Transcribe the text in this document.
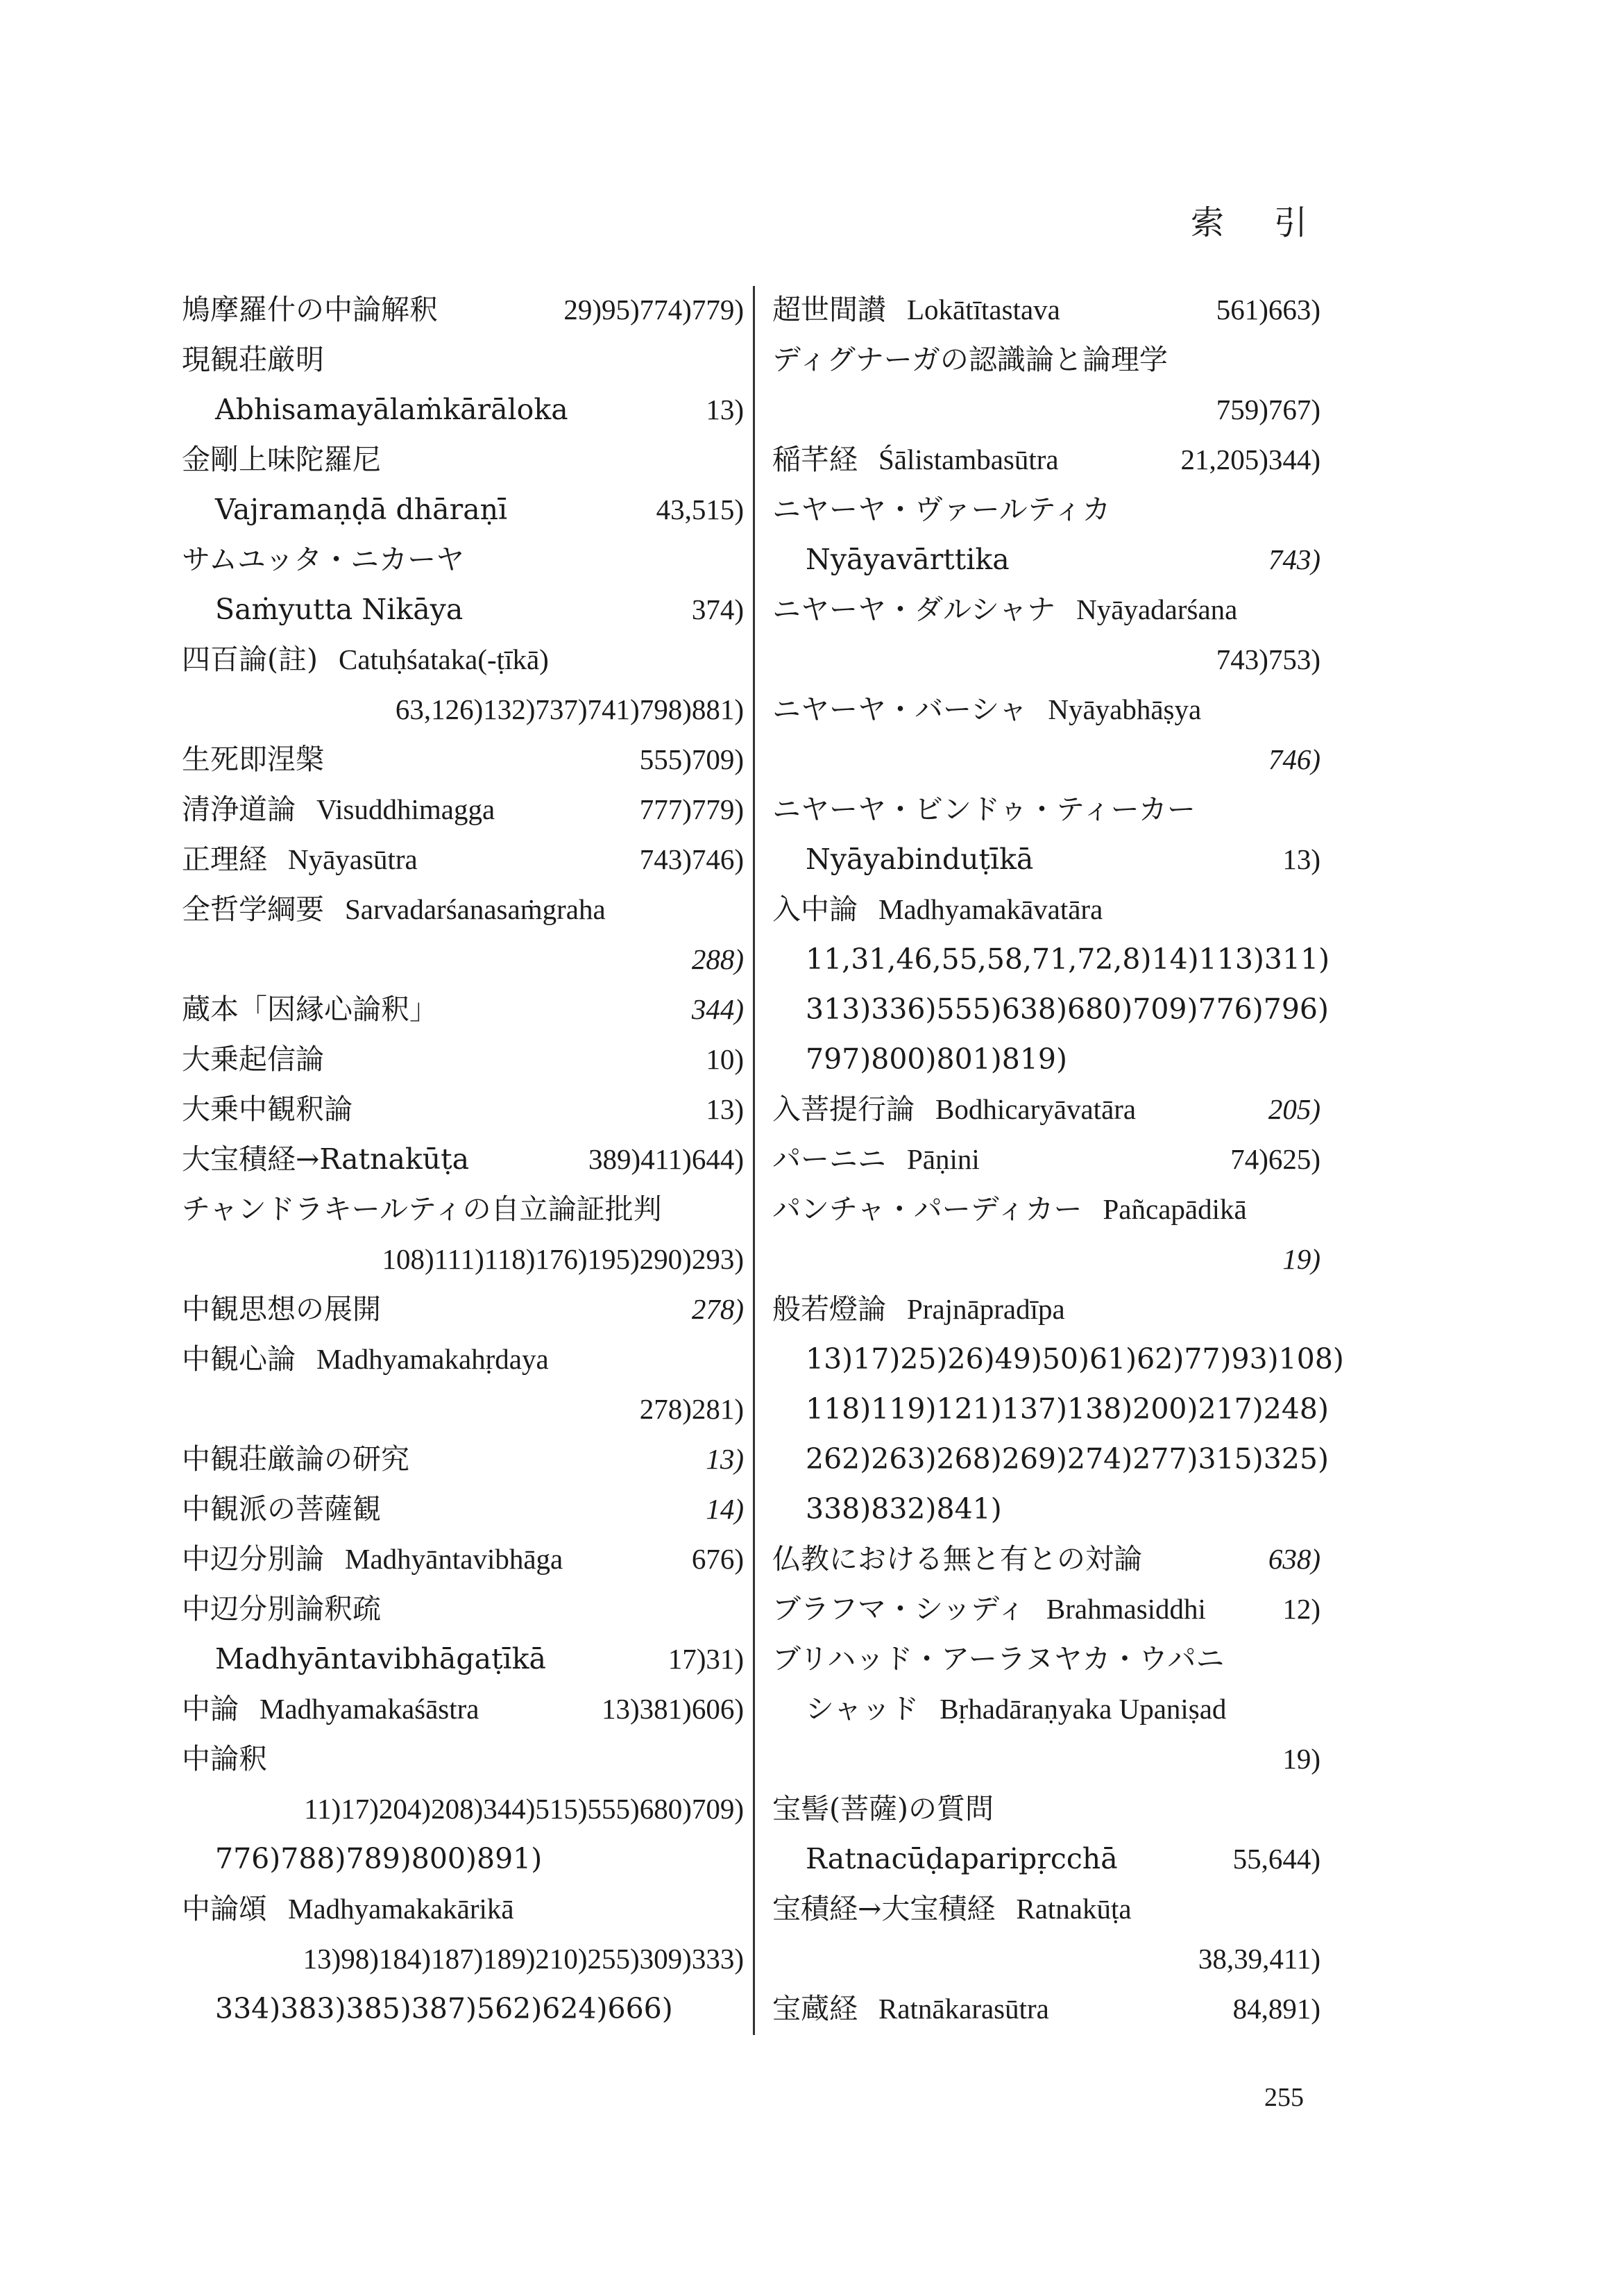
索 引
鳩摩羅什の中論解釈	29)95)774)779)
現観荘厳明
Abhisamayālaṁkārāloka	13)
金剛上味陀羅尼
Vajramaṇḍā dhāraṇī	43,515)
サムユッタ・ニカーヤ
Saṁyutta Nikāya	374)
四百論(註) Catuḥśataka(-ṭīkā)
63,126)132)737)741)798)881)
生死即涅槃	555)709)
清浄道論 Visuddhimagga	777)779)
正理経 Nyāyasūtra	743)746)
全哲学綱要 Sarvadarśanasaṁgraha
288)
蔵本「因縁心論釈」	344)
大乗起信論	10)
大乗中観釈論	13)
大宝積経→Ratnakūṭa	389)411)644)
チャンドラキールティの自立論証批判
108)111)118)176)195)290)293)
中観思想の展開	278)
中観心論 Madhyamakahṛdaya
278)281)
中観荘厳論の研究	13)
中観派の菩薩観	14)
中辺分別論 Madhyāntavibhāga	676)
中辺分別論釈疏
Madhyāntavibhāgaṭīkā	17)31)
中論 Madhyamakaśāstra	13)381)606)
中論釈
11)17)204)208)344)515)555)680)709)
776)788)789)800)891)
中論頌 Madhyamakakārikā
13)98)184)187)189)210)255)309)333)
334)383)385)387)562)624)666)
超世間讃 Lokātītastava	561)663)
ディグナーガの認識論と論理学
759)767)
稲芊経 Śālistambasūtra	21,205)344)
ニヤーヤ・ヴァールティカ
Nyāyavārttika	743)
ニヤーヤ・ダルシャナ Nyāyadarśana
743)753)
ニヤーヤ・バーシャ Nyāyabhāṣya
746)
ニヤーヤ・ビンドゥ・ティーカー
Nyāyabinduṭīkā	13)
入中論 Madhyamakāvatāra
11,31,46,55,58,71,72,8)14)113)311)
313)336)555)638)680)709)776)796)
797)800)801)819)
入菩提行論 Bodhicaryāvatāra	205)
パーニニ Pāṇini	74)625)
パンチャ・パーディカー Pañcapādikā
19)
般若燈論 Prajnāpradīpa
13)17)25)26)49)50)61)62)77)93)108)
118)119)121)137)138)200)217)248)
262)263)268)269)274)277)315)325)
338)832)841)
仏教における無と有との対論	638)
ブラフマ・シッディ Brahmasiddhi	12)
ブリハッド・アーラヌヤカ・ウパニ
シャッド Bṛhadāraṇyaka Upaniṣad
19)
宝髻(菩薩)の質問
Ratnacūḍaparipṛcchā	55,644)
宝積経→大宝積経 Ratnakūṭa
38,39,411)
宝蔵経 Ratnākarasūtra	84,891)
255
